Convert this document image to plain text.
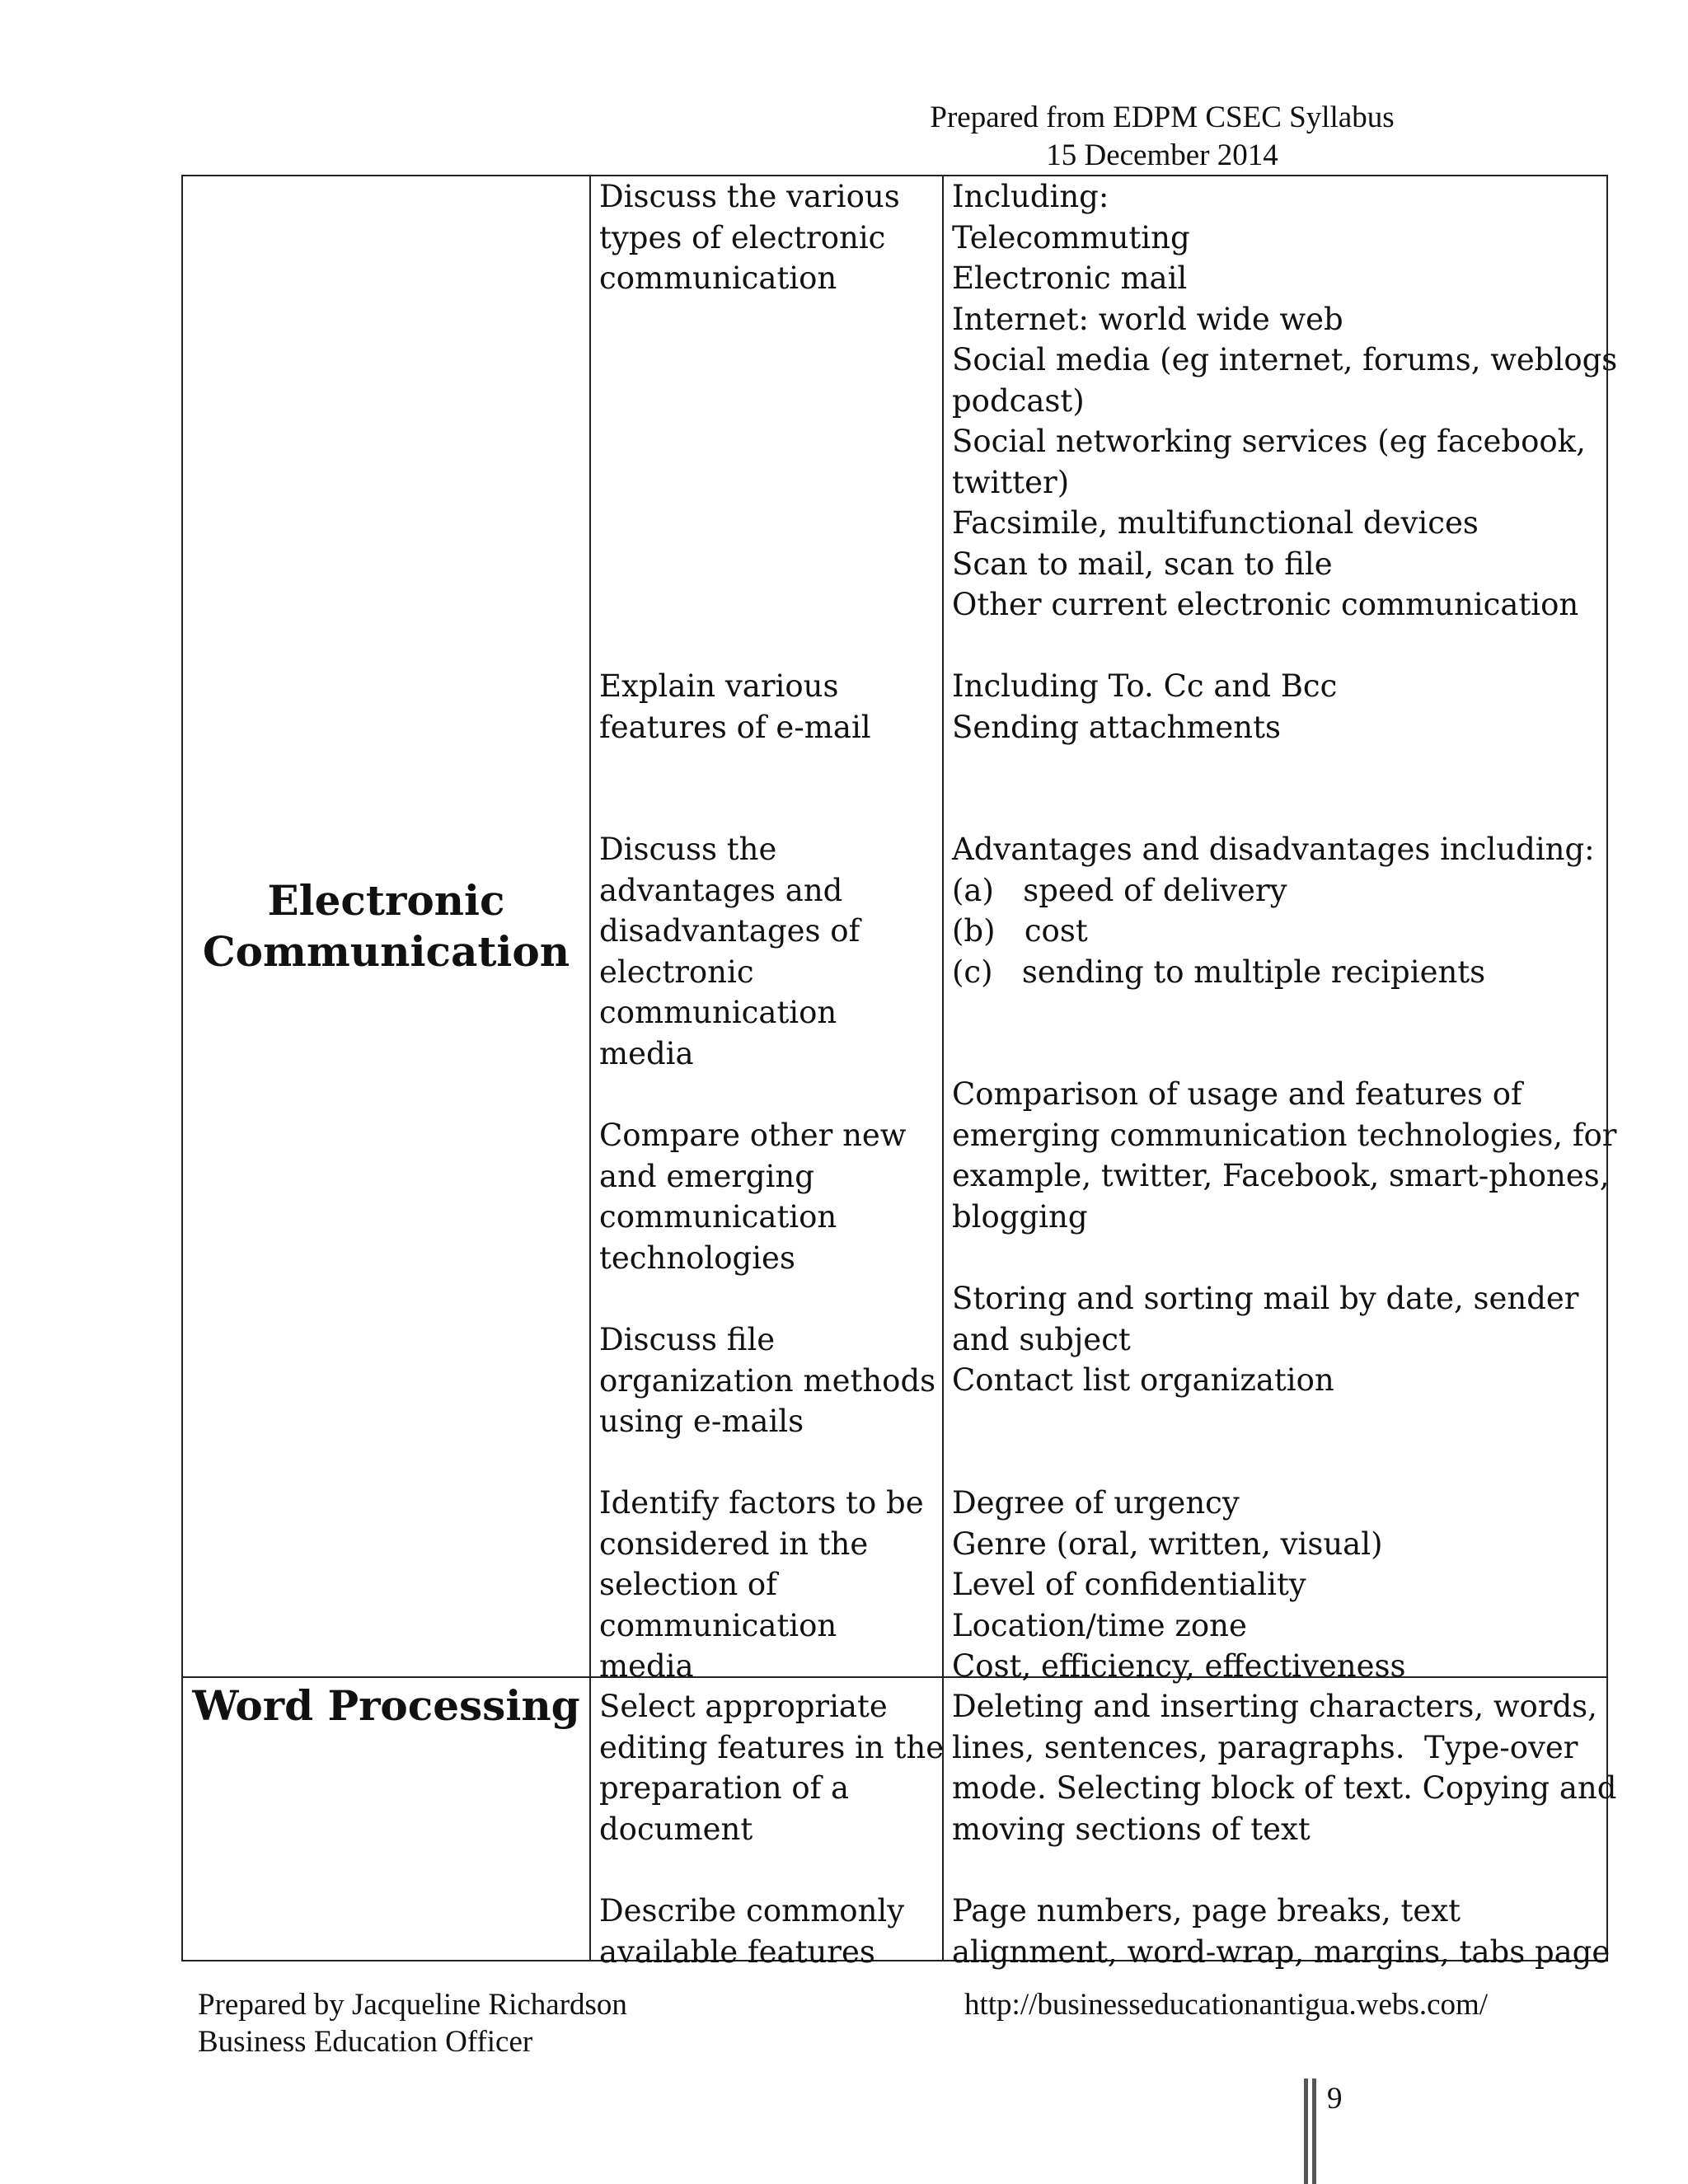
Prepared from EDPM CSEC Syllabus
15 December 2014
Electronic
Communication
Word Processing

Discuss the various

types of electronic

communication

Explain various

features of e-mail

Discuss the

advantages and

disadvantages of

electronic

communication

media

Compare other new

and emerging

communication

technologies

Discuss file

organization methods

using e-mails

Identify factors to be

considered in the

selection of

communication

media

Select appropriate

editing features in the

preparation of a

document

Describe commonly

available features

Including:

Telecommuting

Electronic mail

Internet: world wide web

Social media (eg internet, forums, weblogs

podcast)

Social networking services (eg facebook,

twitter)

Facsimile, multifunctional devices

Scan to mail, scan to file

Other current electronic communication

Including To. Cc and Bcc

Sending attachments

Advantages and disadvantages including:

(a)   speed of delivery

(b)   cost

(c)   sending to multiple recipients

Comparison of usage and features of

emerging communication technologies, for

example, twitter, Facebook, smart-phones,

blogging

Storing and sorting mail by date, sender

and subject

Contact list organization

Degree of urgency

Genre (oral, written, visual)

Level of confidentiality

Location/time zone

Cost, efficiency, effectiveness

Deleting and inserting characters, words,

lines, sentences, paragraphs.  Type-over

mode. Selecting block of text. Copying and

moving sections of text

Page numbers, page breaks, text

alignment, word-wrap, margins, tabs page

Prepared by Jacqueline Richardson
Business Education Officer
http://businesseducationantigua.webs.com/
9
